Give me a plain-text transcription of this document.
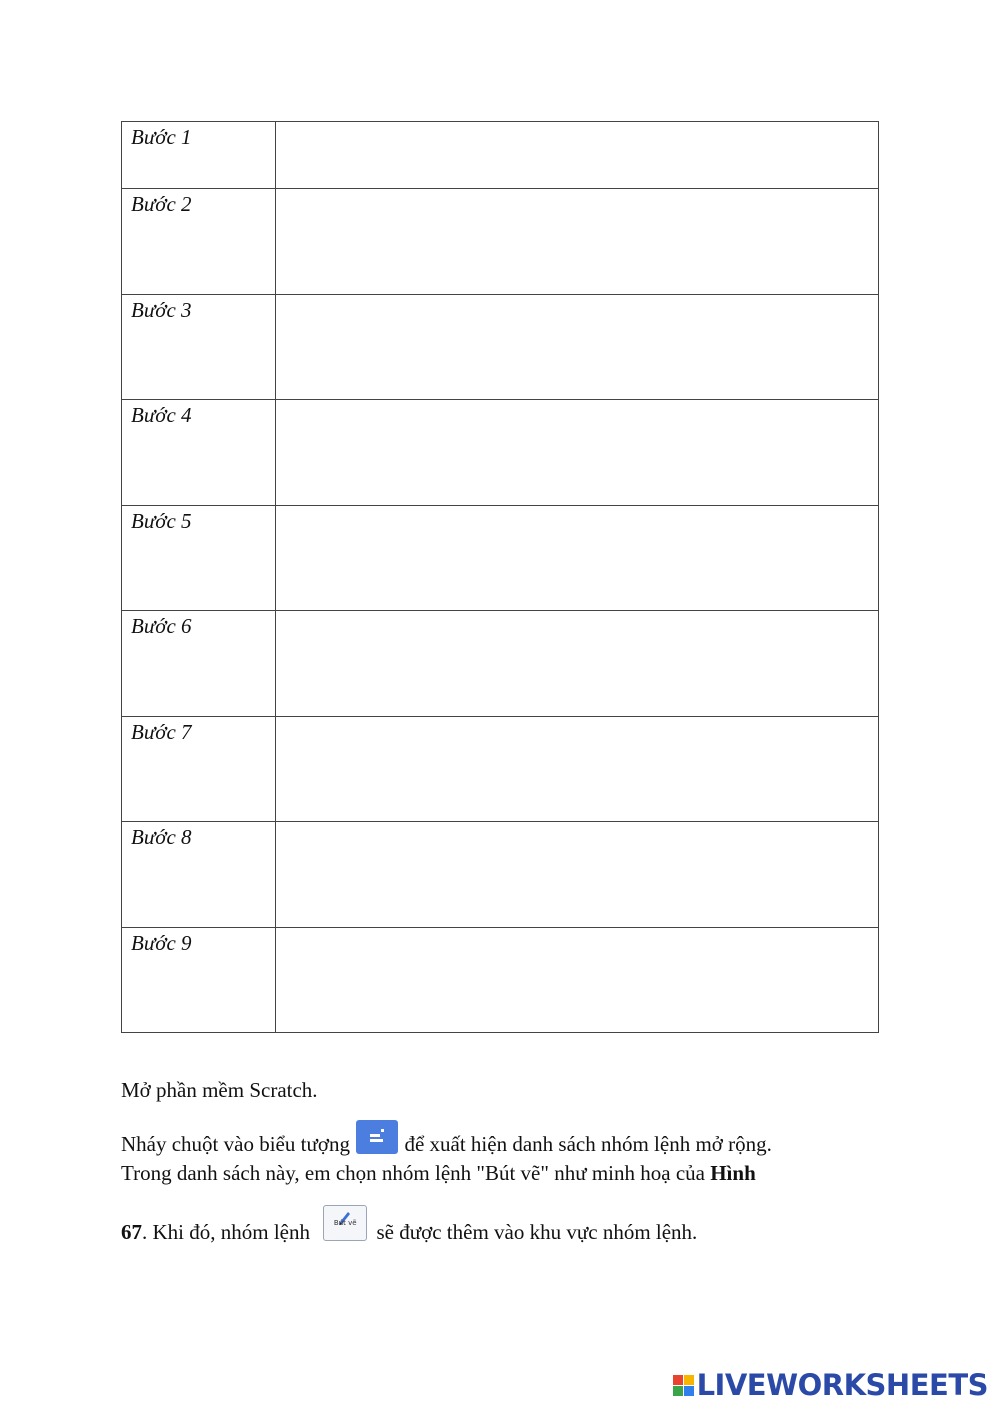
Bước 1	
Bước 2	
Bước 3	
Bước 4	
Bước 5	
Bước 6	
Bước 7	
Bước 8	
Bước 9	
Mở phần mềm Scratch.
Nháy chuột vào biểu tượng	để xuất hiện danh sách nhóm lệnh mở rộng.
Trong danh sách này, em chọn nhóm lệnh "Bút vẽ" như minh hoạ của Hình
67. Khi đó, nhóm lệnh	Bút vẽ sẽ được thêm vào khu vực nhóm lệnh.
LIVEWORKSHEETS
